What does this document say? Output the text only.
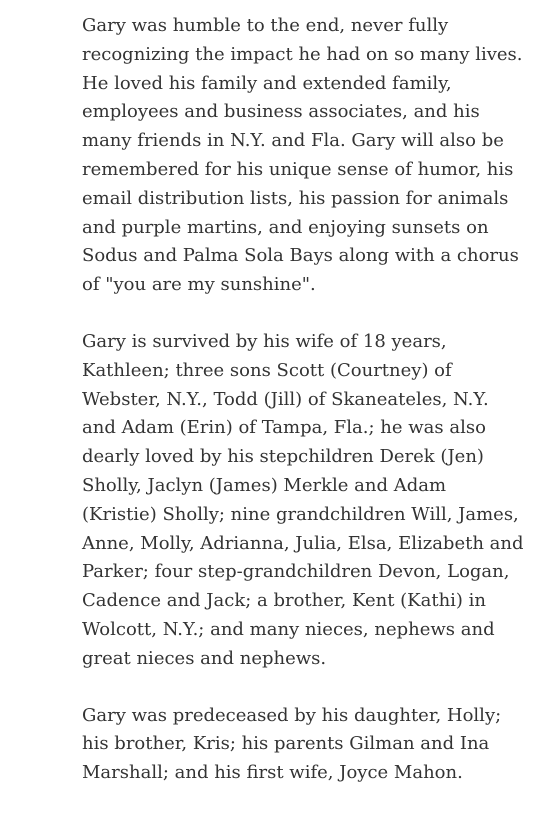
Gary was humble to the end, never fully recognizing the impact he had on so many lives. He loved his family and extended family, employees and business associates, and his many friends in N.Y. and Fla. Gary will also be remembered for his unique sense of humor, his email distribution lists, his passion for animals and purple martins, and enjoying sunsets on Sodus and Palma Sola Bays along with a chorus of "you are my sunshine".

Gary is survived by his wife of 18 years, Kathleen; three sons Scott (Courtney) of Webster, N.Y., Todd (Jill) of Skaneateles, N.Y. and Adam (Erin) of Tampa, Fla.; he was also dearly loved by his stepchildren Derek (Jen) Sholly, Jaclyn (James) Merkle and Adam (Kristie) Sholly; nine grandchildren Will, James, Anne, Molly, Adrianna, Julia, Elsa, Elizabeth and Parker; four step-grandchildren Devon, Logan, Cadence and Jack; a brother, Kent (Kathi) in Wolcott, N.Y.; and many nieces, nephews and great nieces and nephews.

Gary was predeceased by his daughter, Holly; his brother, Kris; his parents Gilman and Ina Marshall; and his first wife, Joyce Mahon.
